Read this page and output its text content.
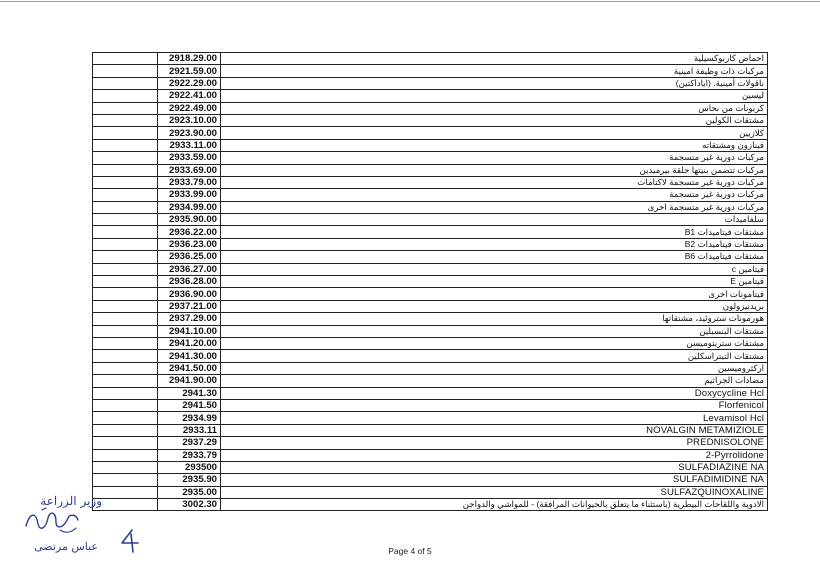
	2918.29.00	احماض كاربوكسيلية
	2921.59.00	مركبات ذات وظيفة امينية
	2922.29.00	ناقولات أمينية. (اياداكتين)
	2922.41.00	ليسين
	2922.49.00	كربونات من نحاس
	2923.10.00	مشتقات الكولين
	2923.90.00	كلازيين
	2933.11.00	فينازون ومشتقاته
	2933.59.00	مركبات دورية غير متسجمة
	2933.69.00	مركبات تتضمن بنيتها حلقة بيرميدين
	2933.79.00	مركبات دورية غير متسجمة لاكتامات
	2933.99.00	مركبات دورية غير متسجمة
	2934.99.00	مركبات دورية غير متسجمة اخرى
	2935.90.00	سلفاميدات
	2936.22.00	مشتقات فيتاميدات B1
	2936.23.00	مشتقات فيتاميدات B2
	2936.25.00	مشتقات فيتاميدات B6
	2936.27.00	فيتامين c
	2936.28.00	فيتامين E
	2936.90.00	فيتامونات اخرى
	2937.21.00	بريدنيزولون
	2937.29.00	هورمونات ستروئيد، مشتقاتها
	2941.10.00	مشتقات البنسيلين
	2941.20.00	مشتقات ستربتوميسن
	2941.30.00	مشتقات التيتراسكلين
	2941.50.00	اركثروميسين
	2941.90.00	مضادات الجراثيم
	2941.30	Doxycycline Hcl
	2941.50	Florfenicol
	2934.99	Levamisol Hcl
	2933.11	NOVALGIN METAMIZIOLE
	2937.29	PREDNISOLONE
	2933.79	2-Pyrrolidone
	293500	SULFADIAZINE NA
	2935.90	SULFADIMIDINE NA
	2935.00	SULFAZQUINOXALINE
	3002.30	الادوية واللقاحات البيطرية (باستثناء ما يتعلق بالحيوانات المرافقة) - للمواشي والدواجن
Page 4 of 5
وزير الزراعة
عباس مرتضى
